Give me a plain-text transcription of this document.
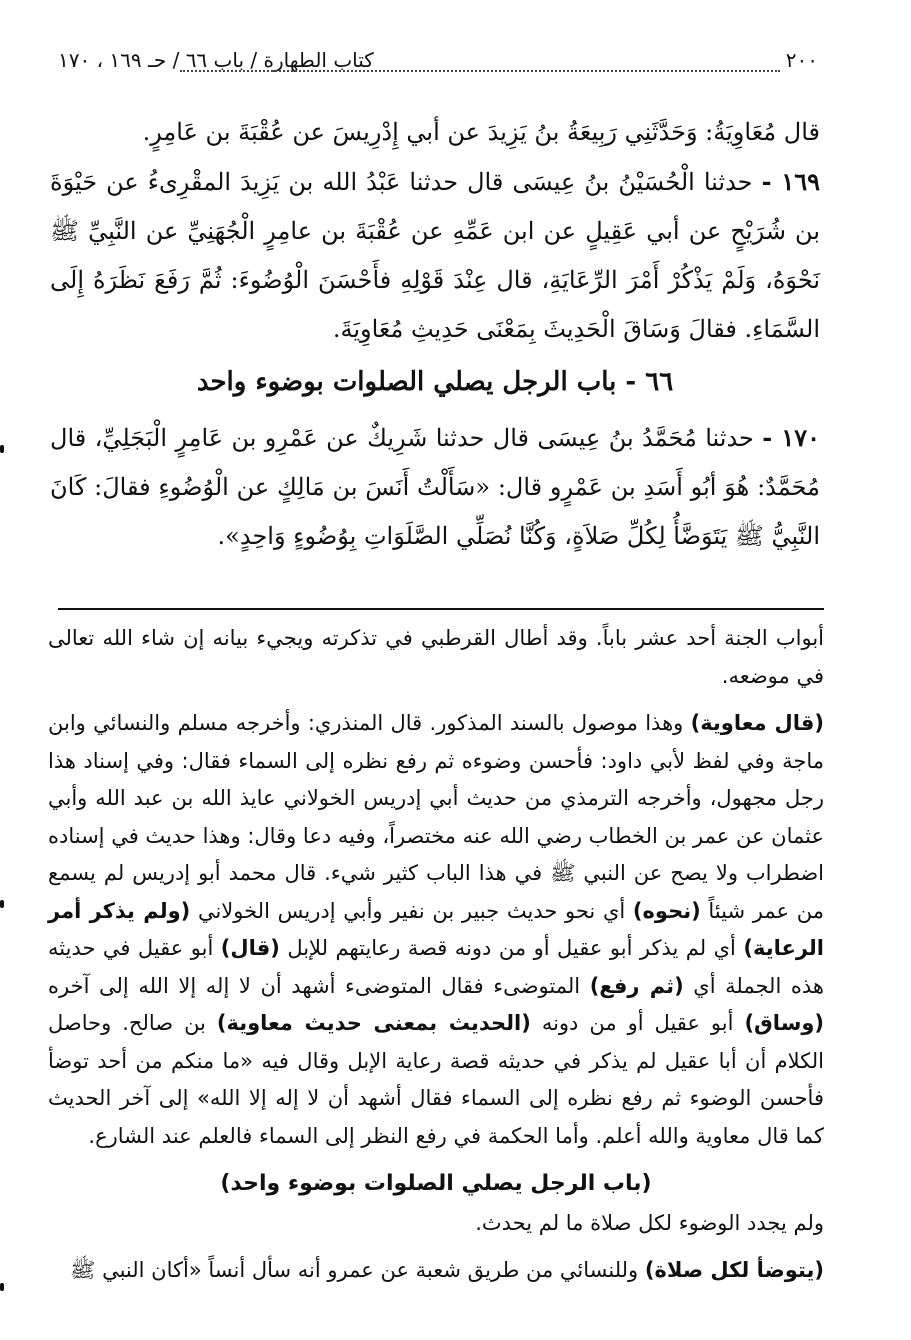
كتاب الطهارة / باب ٦٦ / حـ ١٦٩ ، ١٧٠	٢٠٠

قال مُعَاوِيَةُ: وَحَدَّثَنِي رَبِيعَةُ بنُ يَزِيدَ عن أبي إِدْرِيسَ عن عُقْبَةَ بن عَامِرٍ.

١٦٩ - حدثنا الْحُسَيْنُ بنُ عِيسَى قال حدثنا عَبْدُ الله بن يَزِيدَ المقْرِىءُ عن حَيْوَةَ بن شُرَيْحٍ عن أبي عَقِيلٍ عن ابن عَمِّهِ عن عُقْبَةَ بن عامِرٍ الْجُهَنِيِّ عن النَّبِيِّ ﷺ نَحْوَهُ، وَلَمْ يَذْكُرْ أَمْرَ الرِّعَايَةِ، قال عِنْدَ قَوْلِهِ فأَحْسَنَ الْوُضُوءَ: ثُمَّ رَفَعَ نَظَرَهُ إِلَى السَّمَاءِ. فقالَ وَسَاقَ الْحَدِيثَ بِمَعْنَى حَدِيثِ مُعَاوِيَةَ.

٦٦ - باب الرجل يصلي الصلوات بوضوء واحد

١٧٠ - حدثنا مُحَمَّدُ بنُ عِيسَى قال حدثنا شَرِيكٌ عن عَمْرِو بن عَامِرٍ الْبَجَلِيِّ، قال مُحَمَّدٌ: هُوَ أبُو أَسَدِ بن عَمْرٍو قال: «سَأَلْتُ أَنَسَ بن مَالِكٍ عن الْوُضُوءِ فقالَ: كَانَ النَّبِيُّ ﷺ يَتَوَضَّأُ لِكُلِّ صَلاَةٍ، وَكُنَّا نُصَلِّي الصَّلَوَاتِ بِوُضُوءٍ وَاحِدٍ».

أبواب الجنة أحد عشر باباً. وقد أطال القرطبي في تذكرته ويجيء بيانه إن شاء الله تعالى في موضعه.

(قال معاوية) وهذا موصول بالسند المذكور. قال المنذري: وأخرجه مسلم والنسائي وابن ماجة وفي لفظ لأبي داود: فأحسن وضوءه ثم رفع نظره إلى السماء فقال: وفي إسناد هذا رجل مجهول، وأخرجه الترمذي من حديث أبي إدريس الخولاني عايذ الله بن عبد الله وأبي عثمان عن عمر بن الخطاب رضي الله عنه مختصراً، وفيه دعا وقال: وهذا حديث في إسناده اضطراب ولا يصح عن النبي ﷺ في هذا الباب كثير شيء. قال محمد أبو إدريس لم يسمع من عمر شيئاً (نحوه) أي نحو حديث جبير بن نفير وأبي إدريس الخولاني (ولم يذكر أمر الرعاية) أي لم يذكر أبو عقيل أو من دونه قصة رعايتهم للإبل (قال) أبو عقيل في حديثه هذه الجملة أي (ثم رفع) المتوضىء فقال المتوضىء أشهد أن لا إله إلا الله إلى آخره (وساق) أبو عقيل أو من دونه (الحديث بمعنى حديث معاوية) بن صالح. وحاصل الكلام أن أبا عقيل لم يذكر في حديثه قصة رعاية الإبل وقال فيه «ما منكم من أحد توضأ فأحسن الوضوء ثم رفع نظره إلى السماء فقال أشهد أن لا إله إلا الله» إلى آخر الحديث كما قال معاوية والله أعلم. وأما الحكمة في رفع النظر إلى السماء فالعلم عند الشارع.

(باب الرجل يصلي الصلوات بوضوء واحد)

ولم يجدد الوضوء لكل صلاة ما لم يحدث.

(يتوضأ لكل صلاة) وللنسائي من طريق شعبة عن عمرو أنه سأل أنساً «أكان النبي ﷺ
